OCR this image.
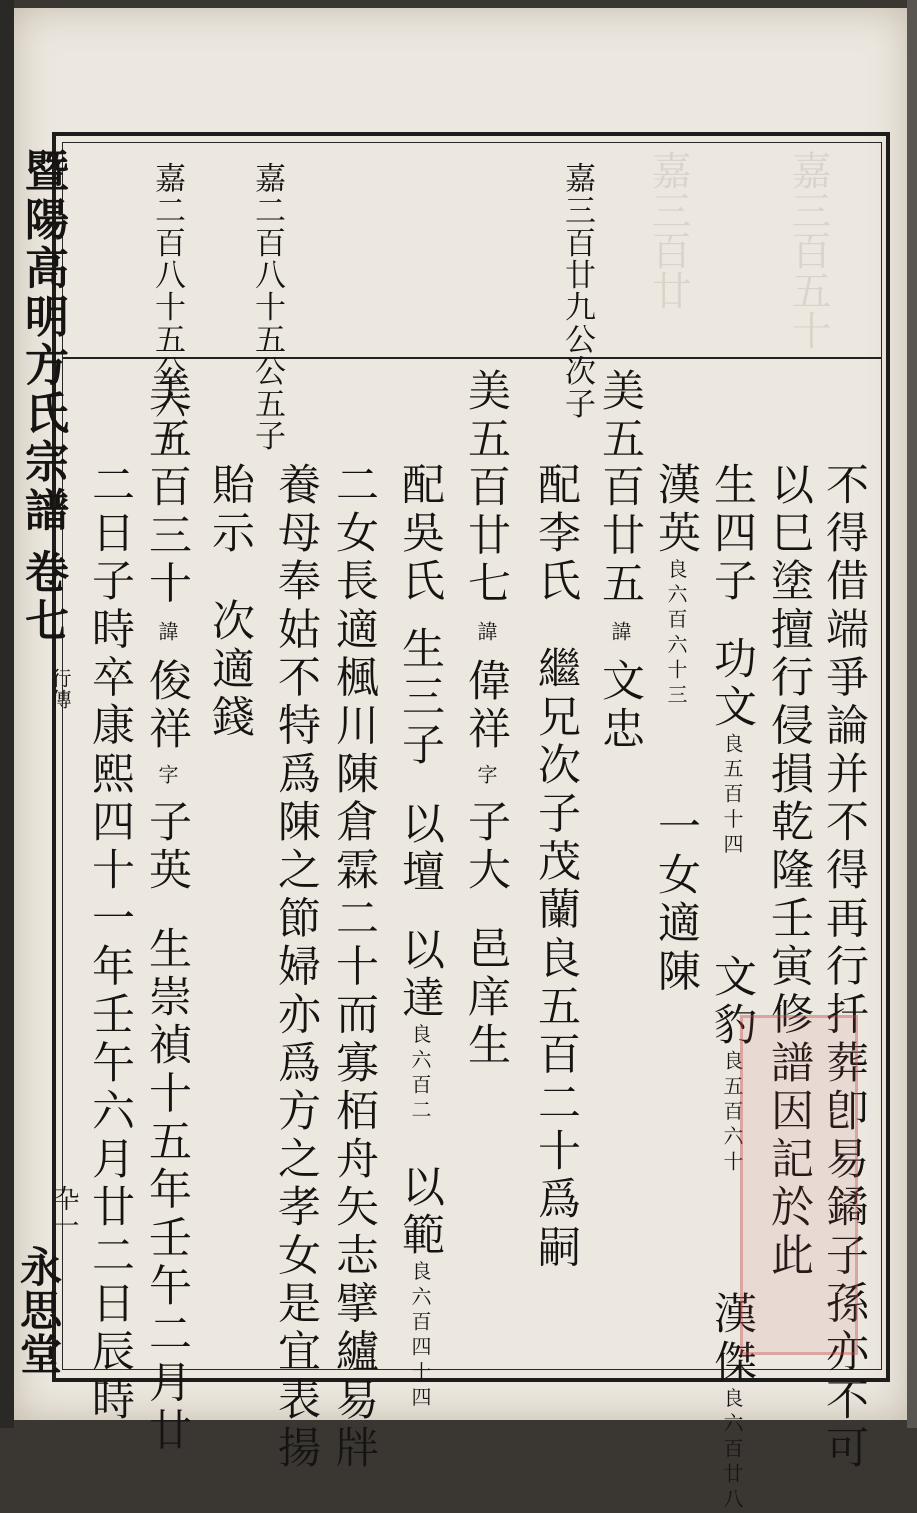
嘉三百五十
嘉三百廿
暨陽高明方氏宗譜卷七
行傳
卆一
永思堂
嘉二百八十五公六子 嘉二百八十五公五子	嘉三百廿九公次子
不得借端爭論并不得再行扦葬卽易鐍子孫亦不可
以巳塗擅行侵損乾隆壬寅修譜因記於此
生四子功文良五百十四 文豹良五百六十 漢傑良六百廿八
漢英良六百六十三 一女適陳
美五百廿五諱文忠
配李氏繼兄次子茂蘭良五百二十爲嗣
美五百廿七諱偉祥字子大邑庠生
配吳氏生三子以壇以達良六百二以範良六百四十四
二女長適楓川陳倉霖二十而寡栢舟矢志擘纑易牉
養母奉姑不特爲陳之節婦亦爲方之孝女是宜表揚
貽示次適錢
美五百三十諱俊祥字子英生崇禎十五年壬午二月廿
二日子時卒康熙四十一年壬午六月廿二日辰時
